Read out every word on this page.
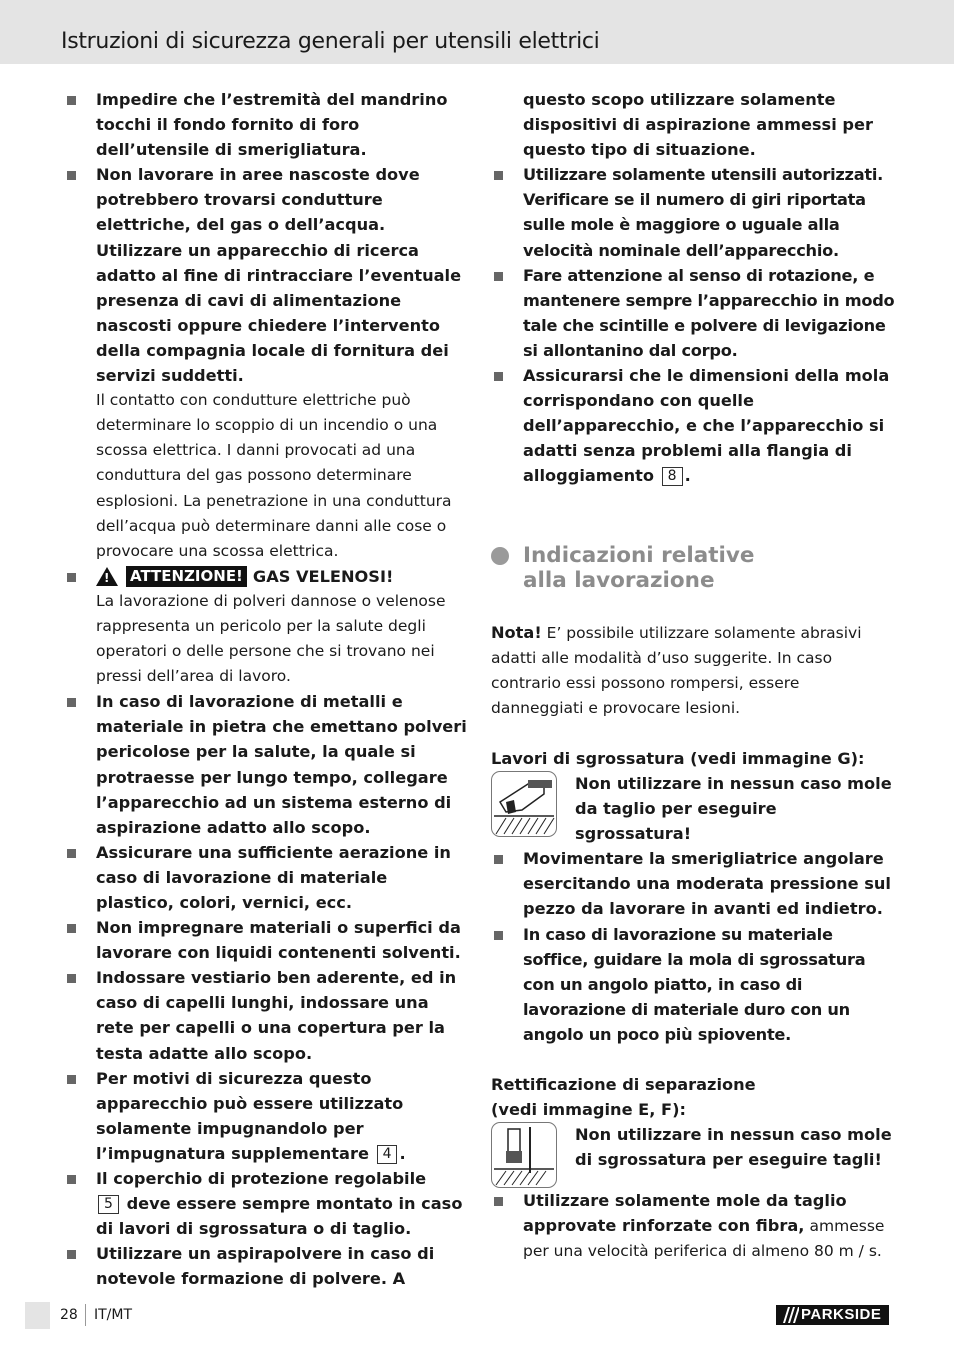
Istruzioni di sicurezza generali per utensili elettrici
Impedire che l’estremità del mandrino tocchi il fondo fornito di foro dell’utensile di smerigliatura.
Non lavorare in aree nascoste dove potrebbero trovarsi condutture elettriche, del gas o dell’acqua. Utilizzare un apparecchio di ricerca adatto al fine di rintracciare l’eventuale presenza di cavi di alimentazione nascosti oppure chiedere l’intervento della compagnia locale di fornitura dei servizi suddetti.
Il contatto con condutture elettriche può determinare lo scoppio di un incendio o una scossa elettrica. I danni provocati ad una conduttura del gas possono determinare esplosioni. La penetrazione in una conduttura dell’acqua può determinare danni alle cose o provocare una scossa elettrica.
! ATTENZIONE! GAS VELENOSI!
La lavorazione di polveri dannose o velenose rappresenta un pericolo per la salute degli operatori o delle persone che si trovano nei pressi dell’area di lavoro.
In caso di lavorazione di metalli e materiale in pietra che emettano polveri pericolose per la salute, la quale si protraesse per lungo tempo, collegare l’apparecchio ad un sistema esterno di aspirazione adatto allo scopo.
Assicurare una sufficiente aerazione in caso di lavorazione di materiale plastico, colori, vernici, ecc.
Non impregnare materiali o superfici da lavorare con liquidi contenenti solventi.
Indossare vestiario ben aderente, ed in caso di capelli lunghi, indossare una rete per capelli o una copertura per la testa adatte allo scopo.
Per motivi di sicurezza questo apparecchio può essere utilizzato solamente impugnandolo per l’impugnatura supplementare 4 .
Il coperchio di protezione regolabile
5 deve essere sempre montato in caso di lavori di sgrossatura o di taglio.
Utilizzare un aspirapolvere in caso di notevole formazione di polvere. A
questo scopo utilizzare solamente dispositivi di aspirazione ammessi per questo tipo di situazione.
Utilizzare solamente utensili autorizzati. Verificare se il numero di giri riportata sulle mole è maggiore o uguale alla velocità nominale dell’apparecchio.
Fare attenzione al senso di rotazione, e mantenere sempre l’apparecchio in modo tale che scintille e polvere di levigazione si allontanino dal corpo.
Assicurarsi che le dimensioni della mola corrispondano con quelle dell’apparecchio, e che l’apparecchio si adatti senza problemi alla flangia di alloggiamento 8 .
Indicazioni relative
alla lavorazione
Nota! E’ possibile utilizzare solamente abrasivi adatti alle modalità d’uso suggerite. In caso contrario essi possono rompersi, essere danneggiati e provocare lesioni.
Lavori di sgrossatura (vedi immagine G):
Non utilizzare in nessun caso mole da taglio per eseguire sgrossatura!
Movimentare la smerigliatrice angolare esercitando una moderata pressione sul pezzo da lavorare in avanti ed indietro.
In caso di lavorazione su materiale soffice, guidare la mola di sgrossatura con un angolo piatto, in caso di lavorazione di materiale duro con un angolo un poco più spiovente.
Rettificazione di separazione
(vedi immagine E, F):
Non utilizzare in nessun caso mole di sgrossatura per eseguire tagli!
Utilizzare solamente mole da taglio approvate rinforzate con fibra, ammesse per una velocità periferica di almeno 80 m / s.
28 IT/MT	PARKSIDE
